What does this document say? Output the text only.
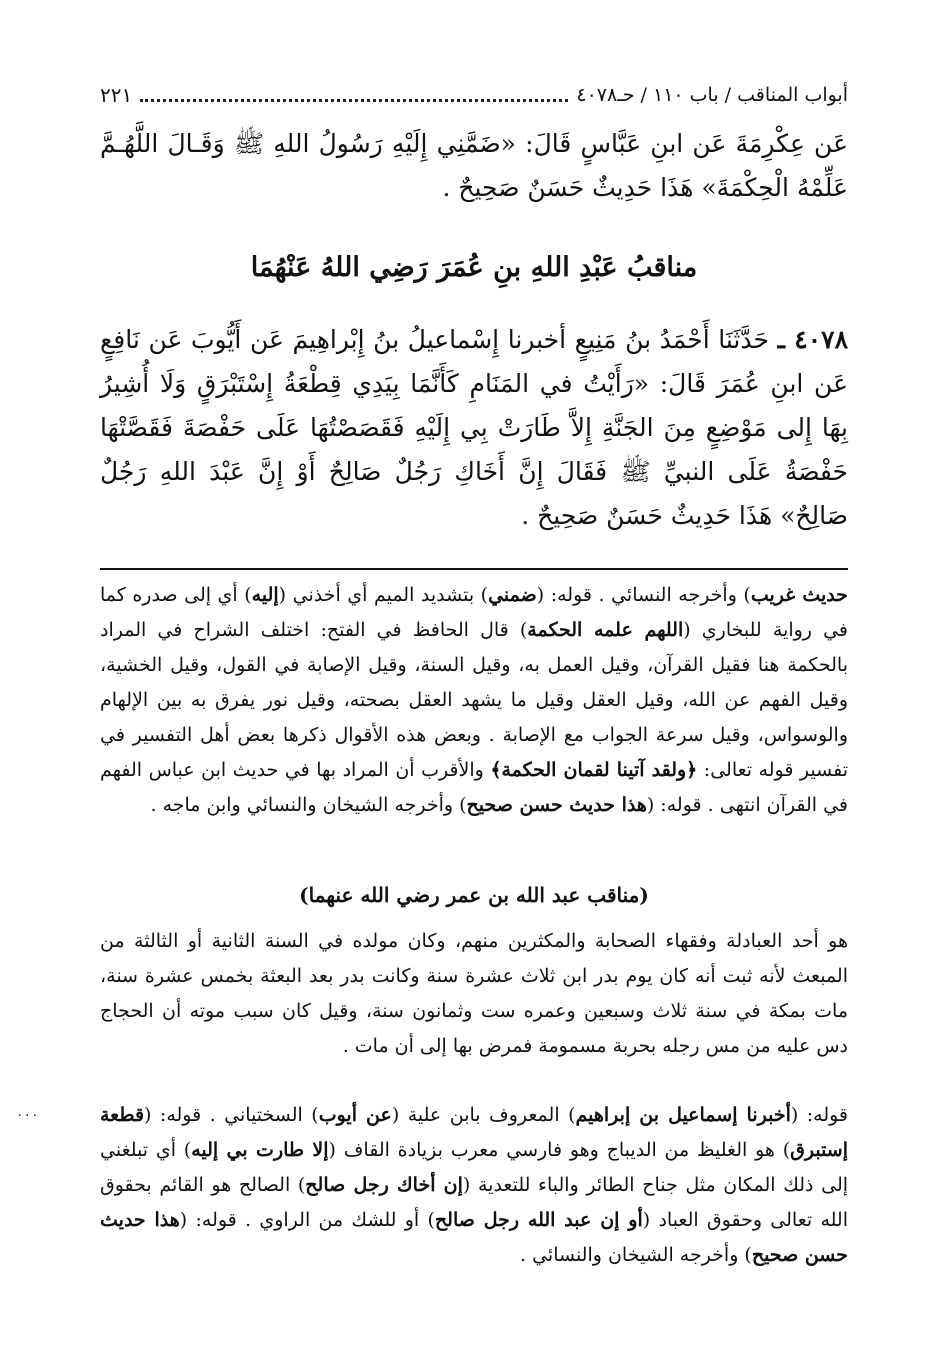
أبواب المناقب / باب ١١٠ / حـ٤٠٧٨
٢٢١

عَن عِكْرِمَةَ عَن ابنِ عَبَّاسٍ قَالَ: «ضَمَّنِي إِلَيْهِ رَسُولُ اللهِ ﷺ وَقَـالَ اللَّهُـمَّ عَلِّمْهُ الْحِكْمَةَ» هَذَا حَدِيثٌ حَسَنٌ صَحِيحٌ .

مناقبُ عَبْدِ اللهِ بنِ عُمَرَ رَضِي اللهُ عَنْهُمَا
٤٠٧٨ ـ حَدَّثَنَا أَحْمَدُ بنُ مَنِيعٍ أخبرنا إِسْماعيلُ بنُ إِبْراهِيمَ عَن أَيُّوبَ عَن نَافِعٍ عَن ابنِ عُمَرَ قَالَ: «رَأَيْتُ في المَنَامِ كَأَنَّمَا بِيَدِي قِطْعَةُ إِسْتَبْرَقٍ وَلَا أُشِيرُ بِهَا إِلى مَوْضِعٍ مِنَ الجَنَّةِ إِلاَّ طَارَتْ بِي إِلَيْهِ فَقَصَصْتُهَا عَلَى حَفْصَةَ فَقَصَّتْهَا حَفْصَةُ عَلَى النبيِّ ﷺ فَقَالَ إِنَّ أَخَاكِ رَجُلٌ صَالِحٌ أَوْ إِنَّ عَبْدَ اللهِ رَجُلٌ صَالِحٌ» هَذَا حَدِيثٌ حَسَنٌ صَحِيحٌ .

حديث غريب) وأخرجه النسائي . قوله: (ضمني) بتشديد الميم أي أخذني (إليه) أي إلى صدره كما في رواية للبخاري (اللهم علمه الحكمة) قال الحافظ في الفتح: اختلف الشراح في المراد بالحكمة هنا فقيل القرآن، وقيل العمل به، وقيل السنة، وقيل الإصابة في القول، وقيل الخشية، وقيل الفهم عن الله، وقيل العقل وقيل ما يشهد العقل بصحته، وقيل نور يفرق به بين الإلهام والوسواس، وقيل سرعة الجواب مع الإصابة . وبعض هذه الأقوال ذكرها بعض أهل التفسير في تفسير قوله تعالى: ﴿ولقد آتينا لقمان الحكمة﴾ والأقرب أن المراد بها في حديث ابن عباس الفهم في القرآن انتهى . قوله: (هذا حديث حسن صحيح) وأخرجه الشيخان والنسائي وابن ماجه .

(مناقب عبد الله بن عمر رضي الله عنهما)

هو أحد العبادلة وفقهاء الصحابة والمكثرين منهم، وكان مولده في السنة الثانية أو الثالثة من المبعث لأنه ثبت أنه كان يوم بدر ابن ثلاث عشرة سنة وكانت بدر بعد البعثة بخمس عشرة سنة، مات بمكة في سنة ثلاث وسبعين وعمره ست وثمانون سنة، وقيل كان سبب موته أن الحجاج دس عليه من مس رجله بحربة مسمومة فمرض بها إلى أن مات .

قوله: (أخبرنا إسماعيل بن إبراهيم) المعروف بابن علية (عن أيوب) السختياني . قوله: (قطعة إستبرق) هو الغليظ من الديباج وهو فارسي معرب بزيادة القاف (إلا طارت بي إليه) أي تبلغني إلى ذلك المكان مثل جناح الطائر والباء للتعدية (إن أخاك رجل صالح) الصالح هو القائم بحقوق الله تعالى وحقوق العباد (أو إن عبد الله رجل صالح) أو للشك من الراوي . قوله: (هذا حديث حسن صحيح) وأخرجه الشيخان والنسائي .

٠٠٠
